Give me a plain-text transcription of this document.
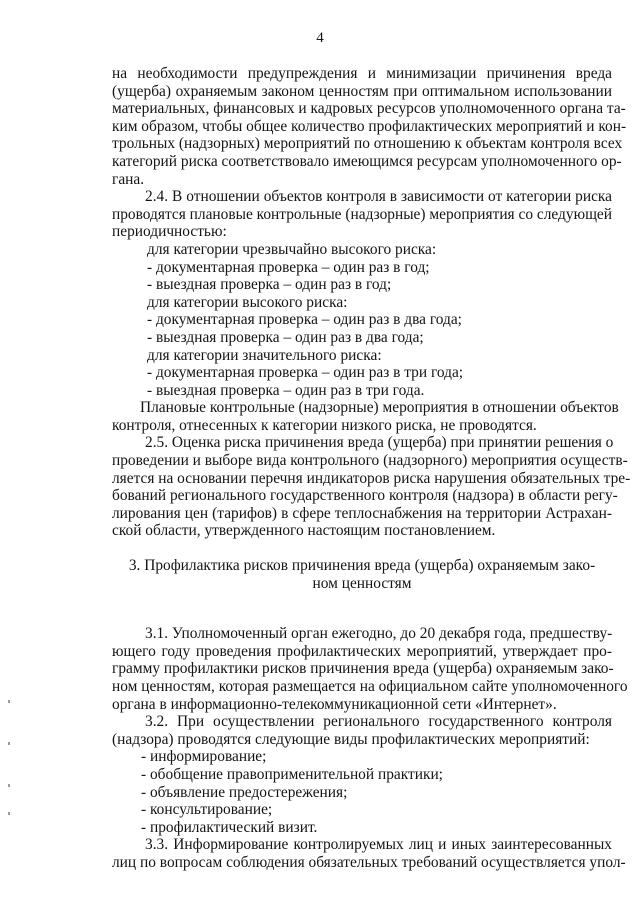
4
на необходимости предупреждения и минимизации причинения вреда
(ущерба) охраняемым законом ценностям при оптимальном использовании
материальных, финансовых и кадровых ресурсов уполномоченного органа та-
ким образом, чтобы общее количество профилактических мероприятий и кон-
трольных (надзорных) мероприятий по отношению к объектам контроля всех
категорий риска соответствовало имеющимся ресурсам уполномоченного ор-
гана.
2.4. В отношении объектов контроля в зависимости от категории риска
проводятся плановые контрольные (надзорные) мероприятия со следующей
периодичностью:
для категории чрезвычайно высокого риска:
- документарная проверка – один раз в год;
- выездная проверка – один раз в год;
для категории высокого риска:
- документарная проверка – один раз в два года;
- выездная проверка – один раз в два года;
для категории значительного риска:
- документарная проверка – один раз в три года;
- выездная проверка – один раз в три года.
Плановые контрольные (надзорные) мероприятия в отношении объектов
контроля, отнесенных к категории низкого риска, не проводятся.
2.5. Оценка риска причинения вреда (ущерба) при принятии решения о
проведении и выборе вида контрольного (надзорного) мероприятия осуществ-
ляется на основании перечня индикаторов риска нарушения обязательных тре-
бований регионального государственного контроля (надзора) в области регу-
лирования цен (тарифов) в сфере теплоснабжения на территории Астрахан-
ской области, утвержденного настоящим постановлением.
3. Профилактика рисков причинения вреда (ущерба) охраняемым зако-
ном ценностям
3.1. Уполномоченный орган ежегодно, до 20 декабря года, предшеству-
ющего году проведения профилактических мероприятий, утверждает про-
грамму профилактики рисков причинения вреда (ущерба) охраняемым зако-
ном ценностям, которая размещается на официальном сайте уполномоченного
органа в информационно-телекоммуникационной сети «Интернет».
3.2. При осуществлении регионального государственного контроля
(надзора) проводятся следующие виды профилактических мероприятий:
- информирование;
- обобщение правоприменительной практики;
- объявление предостережения;
- консультирование;
- профилактический визит.
3.3. Информирование контролируемых лиц и иных заинтересованных
лиц по вопросам соблюдения обязательных требований осуществляется упол-
